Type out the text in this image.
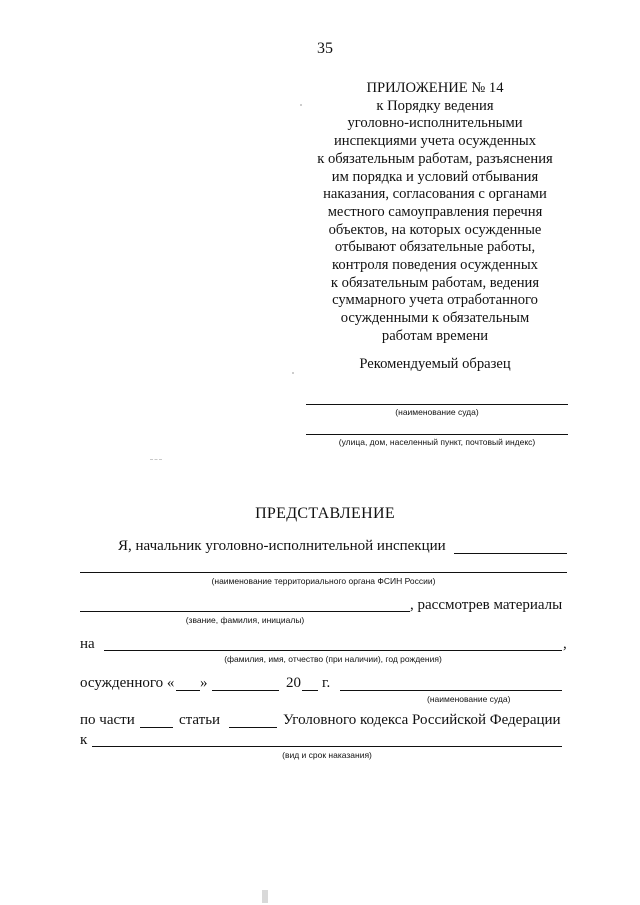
35
ПРИЛОЖЕНИЕ № 14
к Порядку ведения
уголовно-исполнительными
инспекциями учета осужденных
к обязательным работам, разъяснения
им порядка и условий отбывания
наказания, согласования с органами
местного самоуправления перечня
объектов, на которых осужденные
отбывают обязательные работы,
контроля поведения осужденных
к обязательным работам, ведения
суммарного учета отработанного
осужденными к обязательным
работам времени
Рекомендуемый образец
(наименование суда)
(улица, дом, населенный пункт, почтовый индекс)
ПРЕДСТАВЛЕНИЕ
Я, начальник уголовно-исполнительной инспекции
(наименование территориального органа ФСИН России)
, рассмотрев материалы
(звание, фамилия, инициалы)
на	,
(фамилия, имя, отчество (при наличии), год рождения)
осужденного « »	20 г.
(наименование суда)
по части	статьи	Уголовного кодекса Российской Федерации
к
(вид и срок наказания)
